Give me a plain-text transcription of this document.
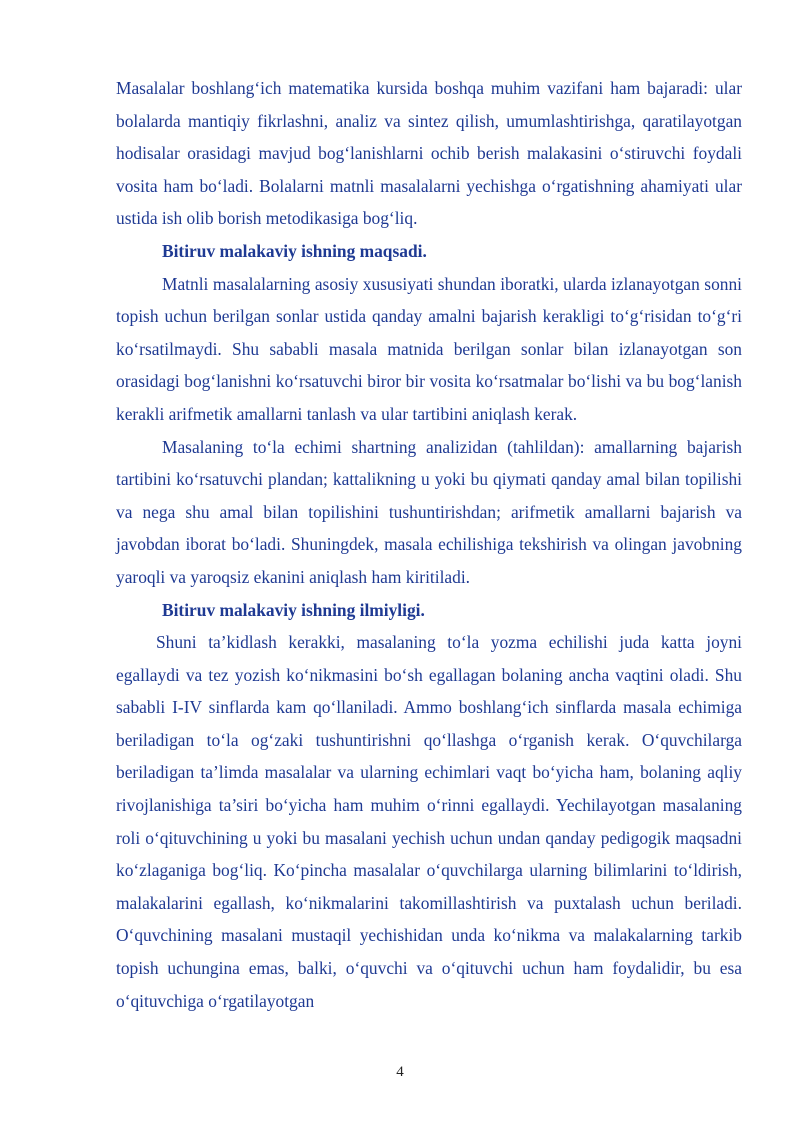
Masalalar boshlang‘ich matematika kursida boshqa muhim vazifani ham bajaradi: ular bolalarda mantiqiy fikrlashni, analiz va sintez qilish, umumlashtirishga, qaratilayotgan hodisalar orasidagi mavjud bog‘lanishlarni ochib berish malakasini o‘stiruvchi foydali vosita ham bo‘ladi. Bolalarni matnli masalalarni yechishga o‘rgatishning ahamiyati ular ustida ish olib borish metodikasiga bog‘liq.

Bitiruv malakaviy ishning maqsadi.

Matnli masalalarning asosiy xususiyati shundan iboratki, ularda izlanayotgan sonni topish uchun berilgan sonlar ustida qanday amalni bajarish kerakligi to‘g‘risidan to‘g‘ri ko‘rsatilmaydi. Shu sababli masala matnida berilgan sonlar bilan izlanayotgan son orasidagi bog‘lanishni ko‘rsatuvchi biror bir vosita ko‘rsatmalar bo‘lishi va bu bog‘lanish kerakli arifmetik amallarni tanlash va ular tartibini aniqlash kerak.

Masalaning to‘la echimi shartning analizidan (tahlildan): amallarning bajarish tartibini ko‘rsatuvchi plandan; kattalikning u yoki bu qiymati qanday amal bilan topilishi va nega shu amal bilan topilishini tushuntirishdan; arifmetik amallarni bajarish va javobdan iborat bo‘ladi. Shuningdek, masala echilishiga tekshirish va olingan javobning yaroqli va yaroqsiz ekanini aniqlash ham kiritiladi.

Bitiruv malakaviy ishning ilmiyligi.

Shuni ta’kidlash kerakki, masalaning to‘la yozma echilishi juda katta joyni egallaydi va tez yozish ko‘nikmasini bo‘sh egallagan bolaning ancha vaqtini oladi. Shu sababli I-IV sinflarda kam qo‘llaniladi. Ammo boshlang‘ich sinflarda masala echimiga beriladigan to‘la og‘zaki tushuntirishni qo‘llashga o‘rganish kerak. O‘quvchilarga beriladigan ta’limda masalalar va ularning echimlari vaqt bo‘yicha ham, bolaning aqliy rivojlanishiga ta’siri bo‘yicha ham muhim o‘rinni egallaydi. Yechilayotgan masalaning roli o‘qituvchining u yoki bu masalani yechish uchun undan qanday pedigogik maqsadni ko‘zlaganiga bog‘liq. Ko‘pincha masalalar o‘quvchilarga ularning bilimlarini to‘ldirish, malakalarini egallash, ko‘nikmalarini takomillashtirish va puxtalash uchun beriladi. O‘quvchining masalani mustaqil yechishidan unda ko‘nikma va malakalarning tarkib topish uchungina emas, balki, o‘quvchi va o‘qituvchi uchun ham foydalidir, bu esa o‘qituvchiga o‘rgatilayotgan

4
